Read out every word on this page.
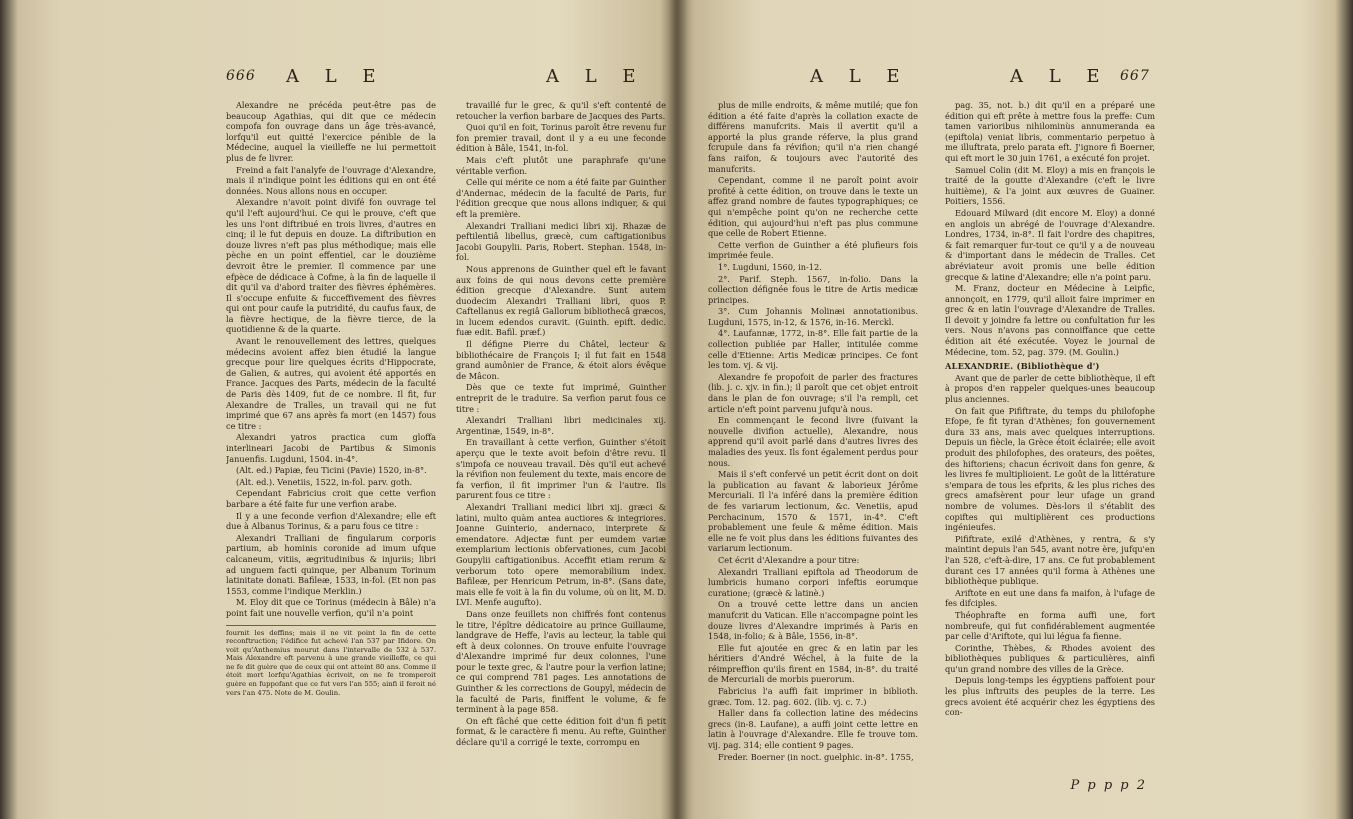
666 A L E	A L E

Alexandre ne précéda peut-être pas de beaucoup Agathias, qui dit que ce médecin compofa fon ouvrage dans un âge très-avancé, lorfqu'il eut quitté l'exercice pénible de la Médecine, auquel la vieilleffe ne lui permettoit plus de fe livrer.

Freind a fait l'analyfe de l'ouvrage d'Alexandre, mais il n'indique point les éditions qui en ont été données. Nous allons nous en occuper.

Alexandre n'avoit point divifé fon ouvrage tel qu'il l'eft aujourd'hui. Ce qui le prouve, c'eft que les uns l'ont diftribué en trois livres, d'autres en cinq; il le fut depuis en douze. La diftribution en douze livres n'eft pas plus méthodique; mais elle pèche en un point effentiel, car le douzième devroit être le premier. Il commence par une efpèce de dédicace à Cofme, à la fin de laquelle il dit qu'il va d'abord traiter des fièvres éphémères. Il s'occupe enfuite & fucceffivement des fièvres qui ont pour caufe la putridité, du caufus faux, de la fièvre hectique, de la fièvre tierce, de la quotidienne & de la quarte.

Avant le renouvellement des lettres, quelques médecins avoient affez bien étudié la langue grecque pour lire quelques écrits d'Hippocrate, de Galien, & autres, qui avoient été apportés en France. Jacques des Parts, médecin de la faculté de Paris dès 1409, fut de ce nombre. Il fit, fur Alexandre de Tralles, un travail qui ne fut imprimé que 67 ans après fa mort (en 1457) fous ce titre :

Alexandri yatros practica cum gloffa interlineari Jacobi de Partibus & Simonis Januenfis. Lugduni, 1504. in-4°.

(Alt. ed.) Papiæ, feu Ticini (Pavie) 1520, in-8°.

(Alt. ed.). Venetiis, 1522, in-fol. parv. goth.

Cependant Fabricius croit que cette verfion barbare a été faite fur une verfion arabe.

Il y a une feconde verfion d'Alexandre; elle eft due à Albanus Torinus, & a paru fous ce titre :

Alexandri Tralliani de fingularum corporis partium, ab hominis coronide ad imum ufque calcaneum, vitiis, ægritudinibus & injuriis; libri ad unguem facti quinque, per Albanum Torinum latinitate donati. Bafileæ, 1533, in-fol. (Et non pas 1553, comme l'indique Merklin.)

M. Eloy dit que ce Torinus (médecin à Bâle) n'a point fait une nouvelle verfion, qu'il n'a point

fournit les deffins; mais il ne vit point la fin de cette reconftruction; l'édifice fut achevé l'an 537 par Ifidore. On voit qu'Anthemius mourut dans l'intervalle de 532 à 537. Mais Alexandre eft parvenu à une grande vieilleffe, ce qui ne fe dit guère que de ceux qui ont atteint 80 ans. Comme il étoit mort lorfqu'Agathias écrivoit, on ne fe tromperoit guère en fuppofant que ce fut vers l'an 555; ainfi il feroit né vers l'an 475. Note de M. Goulin.

travaillé fur le grec, & qu'il s'eft contenté de retoucher la verfion barbare de Jacques des Parts.

Quoi qu'il en foit, Torinus paroît être revenu fur fon premier travail, dont il y a eu une feconde édition à Bâle, 1541, in-fol.

Mais c'eft plutôt une paraphrafe qu'une véritable verfion.

Celle qui mérite ce nom a été faite par Guinther d'Andernac, médecin de la faculté de Paris, fur l'édition grecque que nous allons indiquer, & qui eft la première.

Alexandri Tralliani medici libri xij. Rhazæ de peftilentiâ libellus, græcè, cum caftigationibus Jacobi Goupylii. Paris, Robert. Stephan. 1548, in-fol.

Nous apprenons de Guinther quel eft le favant aux foins de qui nous devons cette première édition grecque d'Alexandre. Sunt autem duodecim Alexandri Tralliani libri, quos P. Caftellanus ex regiâ Gallorum bibliothecâ græcos, in lucem edendos curavit. (Guinth. epift. dedic. fuæ edit. Bafil. præf.)

Il défigne Pierre du Châtel, lecteur & bibliothécaire de François I; il fut fait en 1548 grand aumônier de France, & étoit alors évêque de Mâcon.

Dès que ce texte fut imprimé, Guinther entreprit de le traduire. Sa verfion parut fous ce titre :

Alexandri Tralliani libri medicinales xij. Argentinæ, 1549, in-8°.

En travaillant à cette verfion, Guinther s'étoit aperçu que le texte avoit befoin d'être revu. Il s'impofa ce nouveau travail. Dès qu'il eut achevé la révifion non feulement du texte, mais encore de fa verfion, il fit imprimer l'un & l'autre. Ils parurent fous ce titre :

Alexandri Tralliani medici libri xij. græci & latini, multo quàm antea auctiores & integriores. Joanne Guinterio, andernaco, interprete & emendatore. Adjectæ funt per eumdem variæ exemplarium lectionis obfervationes, cum Jacobi Goupylii caftigationibus. Acceffit etiam rerum & verborum toto opere memorabilium index. Bafileæ, per Henricum Petrum, in-8°. (Sans date, mais elle fe voit à la fin du volume, où on lit, M. D. LVI. Menfe augufto).

Dans onze feuillets non chiffrés font contenus le titre, l'épître dédicatoire au prince Guillaume, landgrave de Heffe, l'avis au lecteur, la table qui eft à deux colonnes. On trouve enfuite l'ouvrage d'Alexandre imprimé fur deux colonnes, l'une pour le texte grec, & l'autre pour la verfion latine; ce qui comprend 781 pages. Les annotations de Guinther & les corrections de Goupyl, médecin de la faculté de Paris, finiffent le volume, & fe terminent à la page 858.

On eft fâché que cette édition foit d'un fi petit format, & le caractère fi menu. Au refte, Guinther déclare qu'il a corrigé le texte, corrompu en

A L E	A L E 667

plus de mille endroits, & même mutilé; que fon édition a été faite d'après la collation exacte de différens manufcrits. Mais il avertit qu'il a apporté la plus grande réferve, la plus grand fcrupule dans fa révifion; qu'il n'a rien changé fans raifon, & toujours avec l'autorité des manufcrits.

Cependant, comme il ne paroît point avoir profité à cette édition, on trouve dans le texte un affez grand nombre de fautes typographiques; ce qui n'empêche point qu'on ne recherche cette édition, qui aujourd'hui n'eft pas plus commune que celle de Robert Etienne.

Cette verfion de Guinther a été plufieurs fois imprimée feule.

1°. Lugduni, 1560, in-12.

2°. Parif. Steph. 1567, in-folio. Dans la collection défignée fous le titre de Artis medicæ principes.

3°. Cum Johannis Molinæi annotationibus. Lugduni, 1575, in-12, & 1576, in-16. Merckl.

4°. Laufannæ, 1772, in-8°. Elle fait partie de la collection publiée par Haller, intitulée comme celle d'Etienne: Artis Medicæ principes. Ce font les tom. vj. & vij.

Alexandre fe propofoit de parler des fractures (lib. j. c. xjv. in fin.); il paroît que cet objet entroit dans le plan de fon ouvrage; s'il l'a rempli, cet article n'eft point parvenu jufqu'à nous.

En commençant le fecond livre (fuivant la nouvelle divifion actuelle), Alexandre, nous apprend qu'il avoit parlé dans d'autres livres des maladies des yeux. Ils font également perdus pour nous.

Mais il s'eft confervé un petit écrit dont on doit la publication au favant & laborieux Jérôme Mercuriali. Il l'a inféré dans la première édition de fes variarum lectionum, &c. Venetiis, apud Perchacinum, 1570 & 1571, in-4°. C'eft probablement une feule & même édition. Mais elle ne fe voit plus dans les éditions fuivantes des variarum lectionum.

Cet écrit d'Alexandre a pour titre:

Alexandri Tralliani epiftola ad Theodorum de lumbricis humano corpori infeftis eorumque curatione; (græcè & latinè.)

On a trouvé cette lettre dans un ancien manufcrit du Vatican. Elle n'accompagne point les douze livres d'Alexandre imprimés à Paris en 1548, in-folio; & à Bâle, 1556, in-8°.

Elle fut ajoutée en grec & en latin par les héritiers d'André Wéchel, à la fuite de la réimpreffion qu'ils firent en 1584, in-8°. du traité de Mercuriali de morbis puerorum.

Fabricius l'a auffi fait imprimer in biblioth. græc. Tom. 12. pag. 602. (lib. vj. c. 7.)

Haller dans fa collection latine des médecins grecs (in-8. Laufane), a auffi joint cette lettre en latin à l'ouvrage d'Alexandre. Elle fe trouve tom. vij. pag. 314; elle contient 9 pages.

Freder. Boerner (in noct. guelphic. in-8°. 1755,

pag. 35, not. b.) dit qu'il en a préparé une édition qui eft prête à mettre fous la preffe: Cum tamen varioribus nihilominùs annumeranda ea (epiftola) veniat libris, commentario perpetuo à me illuftrata, prelo parata eft. J'ignore fi Boerner, qui eft mort le 30 juin 1761, a exécuté fon projet.

Samuel Colin (dit M. Eloy) a mis en françois le traité de la goutte d'Alexandre (c'eft le livre huitième), & l'a joint aux œuvres de Guainer. Poitiers, 1556.

Edouard Milward (dit encore M. Eloy) a donné en anglois un abrégé de l'ouvrage d'Alexandre. Londres, 1734, in-8°. Il fait l'ordre des chapitres, & fait remarquer fur-tout ce qu'il y a de nouveau & d'important dans le médecin de Tralles. Cet abréviateur avoit promis une belle édition grecque & latine d'Alexandre; elle n'a point paru.

M. Franz, docteur en Médecine à Leipfic, annonçoit, en 1779, qu'il alloit faire imprimer en grec & en latin l'ouvrage d'Alexandre de Tralles. Il devoit y joindre fa lettre ou confultation fur les vers. Nous n'avons pas connoiffance que cette édition ait été exécutée. Voyez le journal de Médecine, tom. 52, pag. 379. (M. Goulin.)

ALEXANDRIE. (Bibliothèque d')

Avant que de parler de cette bibliothèque, il eft à propos d'en rappeler quelques-unes beaucoup plus anciennes.

On fait que Pififtrate, du temps du philofophe Efope, fe fit tyran d'Athènes; fon gouvernement dura 33 ans, mais avec quelques interruptions. Depuis un fiècle, la Grèce étoit éclairée; elle avoit produit des philofophes, des orateurs, des poëtes, des hiftoriens; chacun écrivoit dans fon genre, & les livres fe multiplioient. Le goût de la littérature s'empara de tous les efprits, & les plus riches des grecs amafsèrent pour leur ufage un grand nombre de volumes. Dès-lors il s'établit des copiftes qui multiplièrent ces productions ingénieufes.

Pififtrate, exilé d'Athènes, y rentra, & s'y maintint depuis l'an 545, avant notre ère, jufqu'en l'an 528, c'eft-à-dire, 17 ans. Ce fut probablement durant ces 17 années qu'il forma à Athènes une bibliothèque publique.

Ariftote en eut une dans fa maifon, à l'ufage de fes difciples.

Théophrafte en forma auffi une, fort nombreufe, qui fut confidérablement augmentée par celle d'Ariftote, qui lui légua fa fienne.

Corinthe, Thèbes, & Rhodes avoient des bibliothèques publiques & particulières, ainfi qu'un grand nombre des villes de la Grèce.

Depuis long-temps les égyptiens paffoient pour les plus inftruits des peuples de la terre. Les grecs avoient été acquérir chez les égyptiens des con-

P p p p 2
